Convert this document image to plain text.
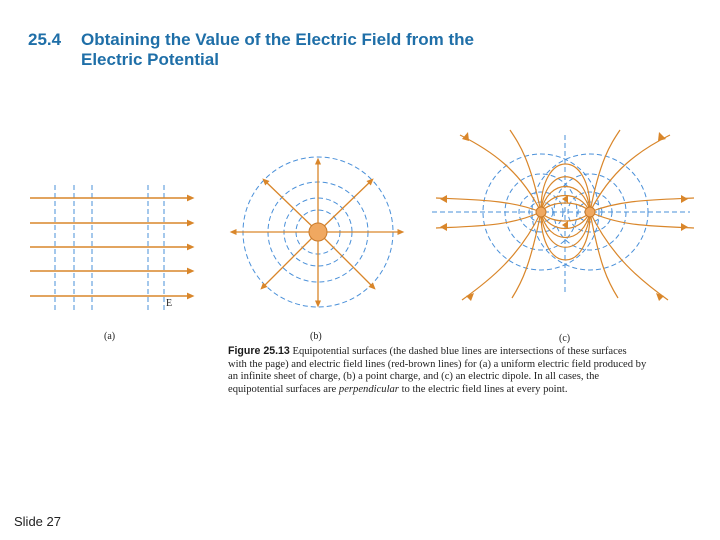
25.4 Obtaining the Value of the Electric Field from the Electric Potential
E
(a)	(b)	(c)
Figure 25.13 Equipotential surfaces (the dashed blue lines are intersections of these surfaces with the page) and electric field lines (red-brown lines) for (a) a uniform electric field produced by an infinite sheet of charge, (b) a point charge, and (c) an electric dipole. In all cases, the equipotential surfaces are perpendicular to the electric field lines at every point.
Slide 27
